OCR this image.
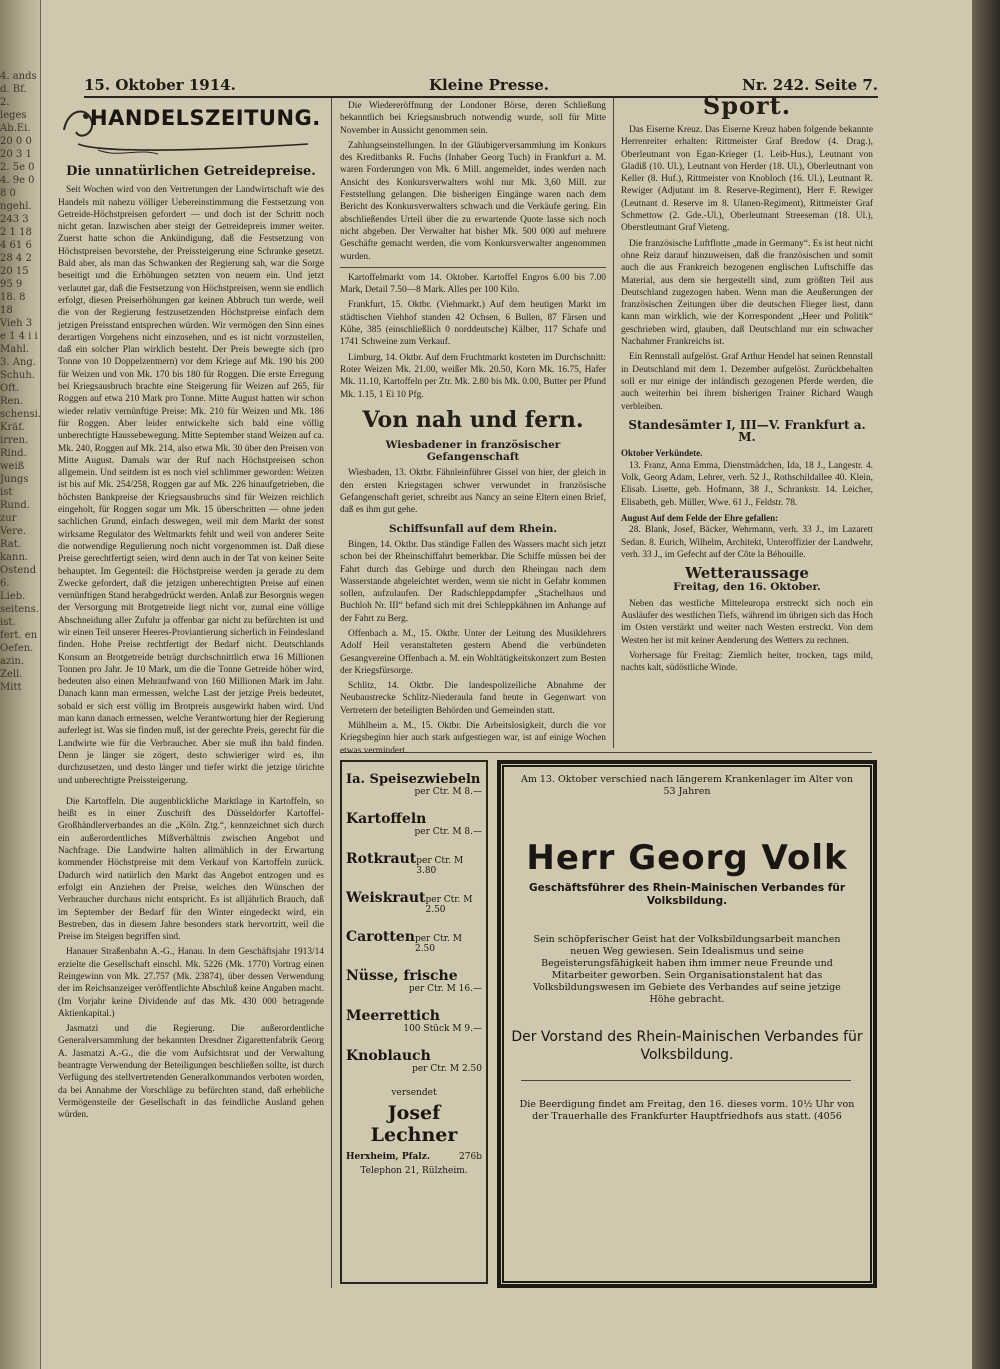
4. ands d. Bf. 2. leges Ab.Ei. 20 0 0 20 3 1 2. 5e 0 4. 9e 0 8 0 ngehl. 243 3 2 1 18 4 61 6 28 4 2 20 15 95 9 18. 8 18 Vieh 3 e 1 4 i i Mahl. 3. Ang. Schuh. Oft. Ren. schensi. Kräf. irren. Rind. weiß Jungs ist Rund. zur Vere. Rat. kann. Ostend 6. Lieb. seitens. ist. fert. en Oefen. azin. Zell. Mitt
15. Oktober 1914.	Kleine Presse.	Nr. 242. Seite 7.
HANDELSZEITUNG.
Die unnatürlichen Getreidepreise.

Seit Wochen wird von den Vertretungen der Landwirtschaft wie des Handels mit nahezu völliger Uebereinstimmung die Festsetzung von Getreide-Höchstpreisen gefordert — und doch ist der Schritt noch nicht getan. Inzwischen aber steigt der Getreidepreis immer weiter. Zuerst hatte schon die Ankündigung, daß die Festsetzung von Höchstpreisen bevorstehe, der Preissteigerung eine Schranke gesetzt. Bald aber, als man das Schwanken der Regierung sah, war die Sorge beseitigt und die Erhöhungen setzten von neuem ein. Und jetzt verlautet gar, daß die Festsetzung von Höchstpreisen, wenn sie endlich erfolgt, diesen Preiserhöhungen gar keinen Abbruch tun werde, weil die von der Regierung festzusetzenden Höchstpreise einfach dem jetzigen Preisstand entsprechen würden. Wir vermögen den Sinn eines derartigen Vorgehens nicht einzusehen, und es ist nicht vorzustellen, daß ein solcher Plan wirklich besteht. Der Preis bewegte sich (pro Tonne von 10 Doppelzentnern) vor dem Kriege auf Mk. 190 bis 200 für Weizen und von Mk. 170 bis 180 für Roggen. Die erste Erregung bei Kriegsausbruch brachte eine Steigerung für Weizen auf 265, für Roggen auf etwa 210 Mark pro Tonne. Mitte August hatten wir schon wieder relativ vernünftige Preise: Mk. 210 für Weizen und Mk. 186 für Roggen. Aber leider entwickelte sich bald eine völlig unberechtigte Haussebewegung. Mitte September stand Weizen auf ca. Mk. 240, Roggen auf Mk. 214, also etwa Mk. 30 über den Preisen von Mitte August. Damals war der Ruf nach Höchstpreisen schon allgemein. Und seitdem ist es noch viel schlimmer geworden: Weizen ist bis auf Mk. 254/258, Roggen gar auf Mk. 226 hinaufgetrieben, die höchsten Bankpreise der Kriegsausbruchs sind für Weizen reichlich eingeholt, für Roggen sogar um Mk. 15 überschritten — ohne jeden sachlichen Grund, einfach deswegen, weil mit dem Markt der sonst wirksame Regulator des Weltmarkts fehlt und weil von anderer Seite die notwendige Regulierung noch nicht vorgenommen ist. Daß diese Preise gerechtfertigt seien, wird denn auch in der Tat von keiner Seite behauptet. Im Gegenteil: die Höchstpreise werden ja gerade zu dem Zwecke gefordert, daß die jetzigen unberechtigten Preise auf einen vernünftigen Stand herabgedrückt werden. Anlaß zur Besorgnis wegen der Versorgung mit Brotgetreide liegt nicht vor, zumal eine völlige Abschneidung aller Zufuhr ja offenbar gar nicht zu befürchten ist und wir einen Teil unserer Heeres-Proviantierung sicherlich in Feindesland finden. Hohe Preise rechtfertigt der Bedarf nicht. Deutschlands Konsum an Brotgetreide beträgt durchschnittlich etwa 16 Millionen Tonnen pro Jahr. Je 10 Mark, um die die Tonne Getreide höher wird, bedeuten also einen Mehraufwand von 160 Millionen Mark im Jahr. Danach kann man ermessen, welche Last der jetzige Preis bedeutet, sobald er sich erst völlig im Brotpreis ausgewirkt haben wird. Und man kann danach ermessen, welche Verantwortung hier der Regierung auferlegt ist. Was sie finden muß, ist der gerechte Preis, gerecht für die Landwirte wie für die Verbraucher. Aber sie muß ihn bald finden. Denn je länger sie zögert, desto schwieriger wird es, ihn durchzusetzen, und desto länger und tiefer wirkt die jetzige törichte und unberechtigte Preissteigerung.

Die Kartoffeln. Die augenblickliche Marktlage in Kartoffeln, so heißt es in einer Zuschrift des Düsseldorfer Kartoffel-Großhändlerverbandes an die „Köln. Ztg.“, kennzeichnet sich durch ein außerordentliches Mißverhältnis zwischen Angebot und Nachfrage. Die Landwirte halten allmählich in der Erwartung kommender Höchstpreise mit dem Verkauf von Kartoffeln zurück. Dadurch wird natürlich den Markt das Angebot entzogen und es erfolgt ein Anziehen der Preise, welches den Wünschen der Verbraucher durchaus nicht entspricht. Es ist alljährlich Brauch, daß im September der Bedarf für den Winter eingedeckt wird, ein Bestreben, das in diesem Jahre besonders stark hervortritt, weil die Preise im Steigen begriffen sind.

Hanauer Straßenbahn A.-G., Hanau. In dem Geschäftsjahr 1913/14 erzielte die Gesellschaft einschl. Mk. 5226 (Mk. 1770) Vortrag einen Reingewinn von Mk. 27.757 (Mk. 23874), über dessen Verwendung der im Reichsanzeiger veröffentlichte Abschluß keine Angaben macht. (Im Vorjahr keine Dividende auf das Mk. 430 000 betragende Aktienkapital.)

Jasmatzi und die Regierung. Die außerordentliche Generalversammlung der bekannten Dresdner Zigarettenfabrik Georg A. Jasmatzi A.-G., die die vom Aufsichtsrat und der Verwaltung beantragte Verwendung der Beteiligungen beschließen sollte, ist durch Verfügung des stellvertretenden Generalkommandos verboten worden, da bei Annahme der Vorschläge zu befürchten stand, daß erhebliche Vermögensteile der Gesellschaft in das feindliche Ausland gehen würden.

Die Wiedereröffnung der Londoner Börse, deren Schließung bekanntlich bei Kriegsausbruch notwendig wurde, soll für Mitte November in Aussicht genommen sein.

Zahlungseinstellungen. In der Gläubigerversammlung im Konkurs des Kreditbanks R. Fuchs (Inhaber Georg Tuch) in Frankfurt a. M. waren Forderungen von Mk. 6 Mill. angemeldet, indes werden nach Ansicht des Konkursverwalters wohl nur Mk. 3,60 Mill. zur Feststellung gelangen. Die bisherigen Eingänge waren nach dem Bericht des Konkursverwalters schwach und die Verkäufe gering. Ein abschließendes Urteil über die zu erwartende Quote lasse sich noch nicht abgeben. Der Verwalter hat bisher Mk. 500 000 auf mehrere Geschäfte gemacht werden, die vom Konkursverwalter angenommen wurden.

Kartoffelmarkt vom 14. Oktober. Kartoffel Engros 6.00 bis 7.00 Mark, Detail 7.50—8 Mark. Alles per 100 Kilo.

Frankfurt, 15. Oktbr. (Viehmarkt.) Auf dem heutigen Markt im städtischen Viehhof standen 42 Ochsen, 6 Bullen, 87 Färsen und Kühe, 385 (einschließlich 0 norddeutsche) Kälber, 117 Schafe und 1741 Schweine zum Verkauf.

Limburg, 14. Oktbr. Auf dem Fruchtmarkt kosteten im Durchschnitt: Roter Weizen Mk. 21.00, weißer Mk. 20.50, Korn Mk. 16.75, Hafer Mk. 11.10, Kartoffeln per Ztr. Mk. 2.80 bis Mk. 0.00, Butter per Pfund Mk. 1.15, 1 Ei 10 Pfg.

Von nah und fern.
Wiesbadener in französischer Gefangenschaft

Wiesbaden, 13. Oktbr. Fähnleinführer Gissel von hier, der gleich in den ersten Kriegstagen schwer verwundet in französische Gefangenschaft geriet, schreibt aus Nancy an seine Eltern einen Brief, daß es ihm gut gehe.

Schiffsunfall auf dem Rhein.

Bingen, 14. Oktbr. Das ständige Fallen des Wassers macht sich jetzt schon bei der Rheinschiffahrt bemerkbar. Die Schiffe müssen bei der Fahrt durch das Gebirge und durch den Rheingau nach dem Wasserstande abgeleichtet werden, wenn sie nicht in Gefahr kommen sollen, aufzulaufen. Der Radschleppdampfer „Stachelhaus und Buchloh Nr. III“ befand sich mit drei Schleppkähnen im Anhange auf der Fahrt zu Berg.

Offenbach a. M., 15. Oktbr. Unter der Leitung des Musiklehrers Adolf Heil veranstalteten gestern Abend die verbündeten Gesangvereine Offenbach a. M. ein Wohltätigkeitskonzert zum Besten der Kriegsfürsorge.

Schlitz, 14. Oktbr. Die landespolizeiliche Abnahme der Neubaustrecke Schlitz-Niederaula fand heute in Gegenwart von Vertretern der beteiligten Behörden und Gemeinden statt.

Mühlheim a. M., 15. Oktbr. Die Arbeitslosigkeit, durch die vor Kriegsbeginn hier auch stark aufgestiegen war, ist auf einige Wochen etwas vermindert.

Sport.

Das Eiserne Kreuz. Das Eiserne Kreuz haben folgende bekannte Herrenreiter erhalten: Rittmeister Graf Bredow (4. Drag.), Oberleutnant von Egan-Krieger (1. Leib-Hus.), Leutnant von Gladiß (10. Ul.), Leutnant von Herder (18. Ul.), Oberleutnant von Keller (8. Huf.), Rittmeister von Knobloch (16. Ul.), Leutnant R. Rewiger (Adjutant im 8. Reserve-Regiment), Herr F. Rewiger (Leutnant d. Reserve im 8. Ulanen-Regiment), Rittmeister Graf Schmettow (2. Gde.-Ul.), Oberleutnant Streeseman (18. Ul.), Oberstleutnant Graf Vieteng.

Die französische Luftflotte „made in Germany“. Es ist heut nicht ohne Reiz darauf hinzuweisen, daß die französischen und somit auch die aus Frankreich bezogenen englischen Luftschiffe das Material, aus dem sie hergestellt sind, zum größten Teil aus Deutschland zugezogen haben. Wenn man die Aeußerungen der französischen Zeitungen über die deutschen Flieger liest, dann kann man wirklich, wie der Korrespondent „Heer und Politik“ geschrieben wird, glauben, daß Deutschland nur ein schwacher Nachahmer Frankreichs ist.

Ein Rennstall aufgelöst. Graf Arthur Hendel hat seinen Rennstall in Deutschland mit dem 1. Dezember aufgelöst. Zurückbehalten soll er nur einige der inländisch gezogenen Pferde werden, die auch weiterhin bei ihrem bisherigen Trainer Richard Waugh verbleiben.

Standesämter I, III—V. Frankfurt a. M.
Oktober Verkündete.

13. Franz, Anna Emma, Dienstmädchen, Ida, 18 J., Langestr. 4. Volk, Georg Adam, Lehrer, verh. 52 J., Rothschildallee 40. Klein, Elisab. Lisette, geb. Hofmann, 38 J., Schrankstr. 14. Leicher, Elisabeth, geb. Müller, Wwe. 61 J., Feldstr. 78.

August Auf dem Felde der Ehre gefallen:

28. Blank, Josef, Bäcker, Wehrmann, verh. 33 J., im Lazarett Sedan. 8. Eurich, Wilhelm, Architekt, Unteroffizier der Landwehr, verh. 33 J., im Gefecht auf der Côte la Béhouille.

Wetteraussage
Freitag, den 16. Oktober.

Neben das westliche Mitteleuropa erstreckt sich noch ein Ausläufer des westlichen Tiefs, während im übrigen sich das Hoch im Osten verstärkt und weiter nach Westen erstreckt. Von dem Westen her ist mit keiner Aenderung des Wetters zu rechnen.

Vorhersage für Freitag: Ziemlich heiter, trocken, tags mild, nachts kalt, südöstliche Winde.

Ia. Speisezwiebeln
per Ctr. M 8.—
Kartoffeln
per Ctr. M 8.—
Rotkraut per Ctr. M 3.80
Weiskraut per Ctr. M 2.50
Carotten per Ctr. M 2.50
Nüsse, frische
per Ctr. M 16.—
Meerrettich
100 Stück M 9.—
Knoblauch
per Ctr. M 2.50
versendet
Josef Lechner
Herxheim, Pfalz.	276b
Telephon 21, Rülzheim.
Am 13. Oktober verschied nach längerem Krankenlager im Alter von 53 Jahren
Herr Georg Volk
Geschäftsführer des Rhein-Mainischen Verbandes für Volksbildung.
Sein schöpferischer Geist hat der Volksbildungsarbeit manchen neuen Weg gewiesen. Sein Idealismus und seine Begeisterungsfähigkeit haben ihm immer neue Freunde und Mitarbeiter geworben. Sein Organisationstalent hat das Volksbildungswesen im Gebiete des Verbandes auf seine jetzige Höhe gebracht.
Der Vorstand des Rhein-Mainischen Verbandes für Volksbildung.
Die Beerdigung findet am Freitag, den 16. dieses vorm. 10½ Uhr von der Trauerhalle des Frankfurter Hauptfriedhofs aus statt. (4056
